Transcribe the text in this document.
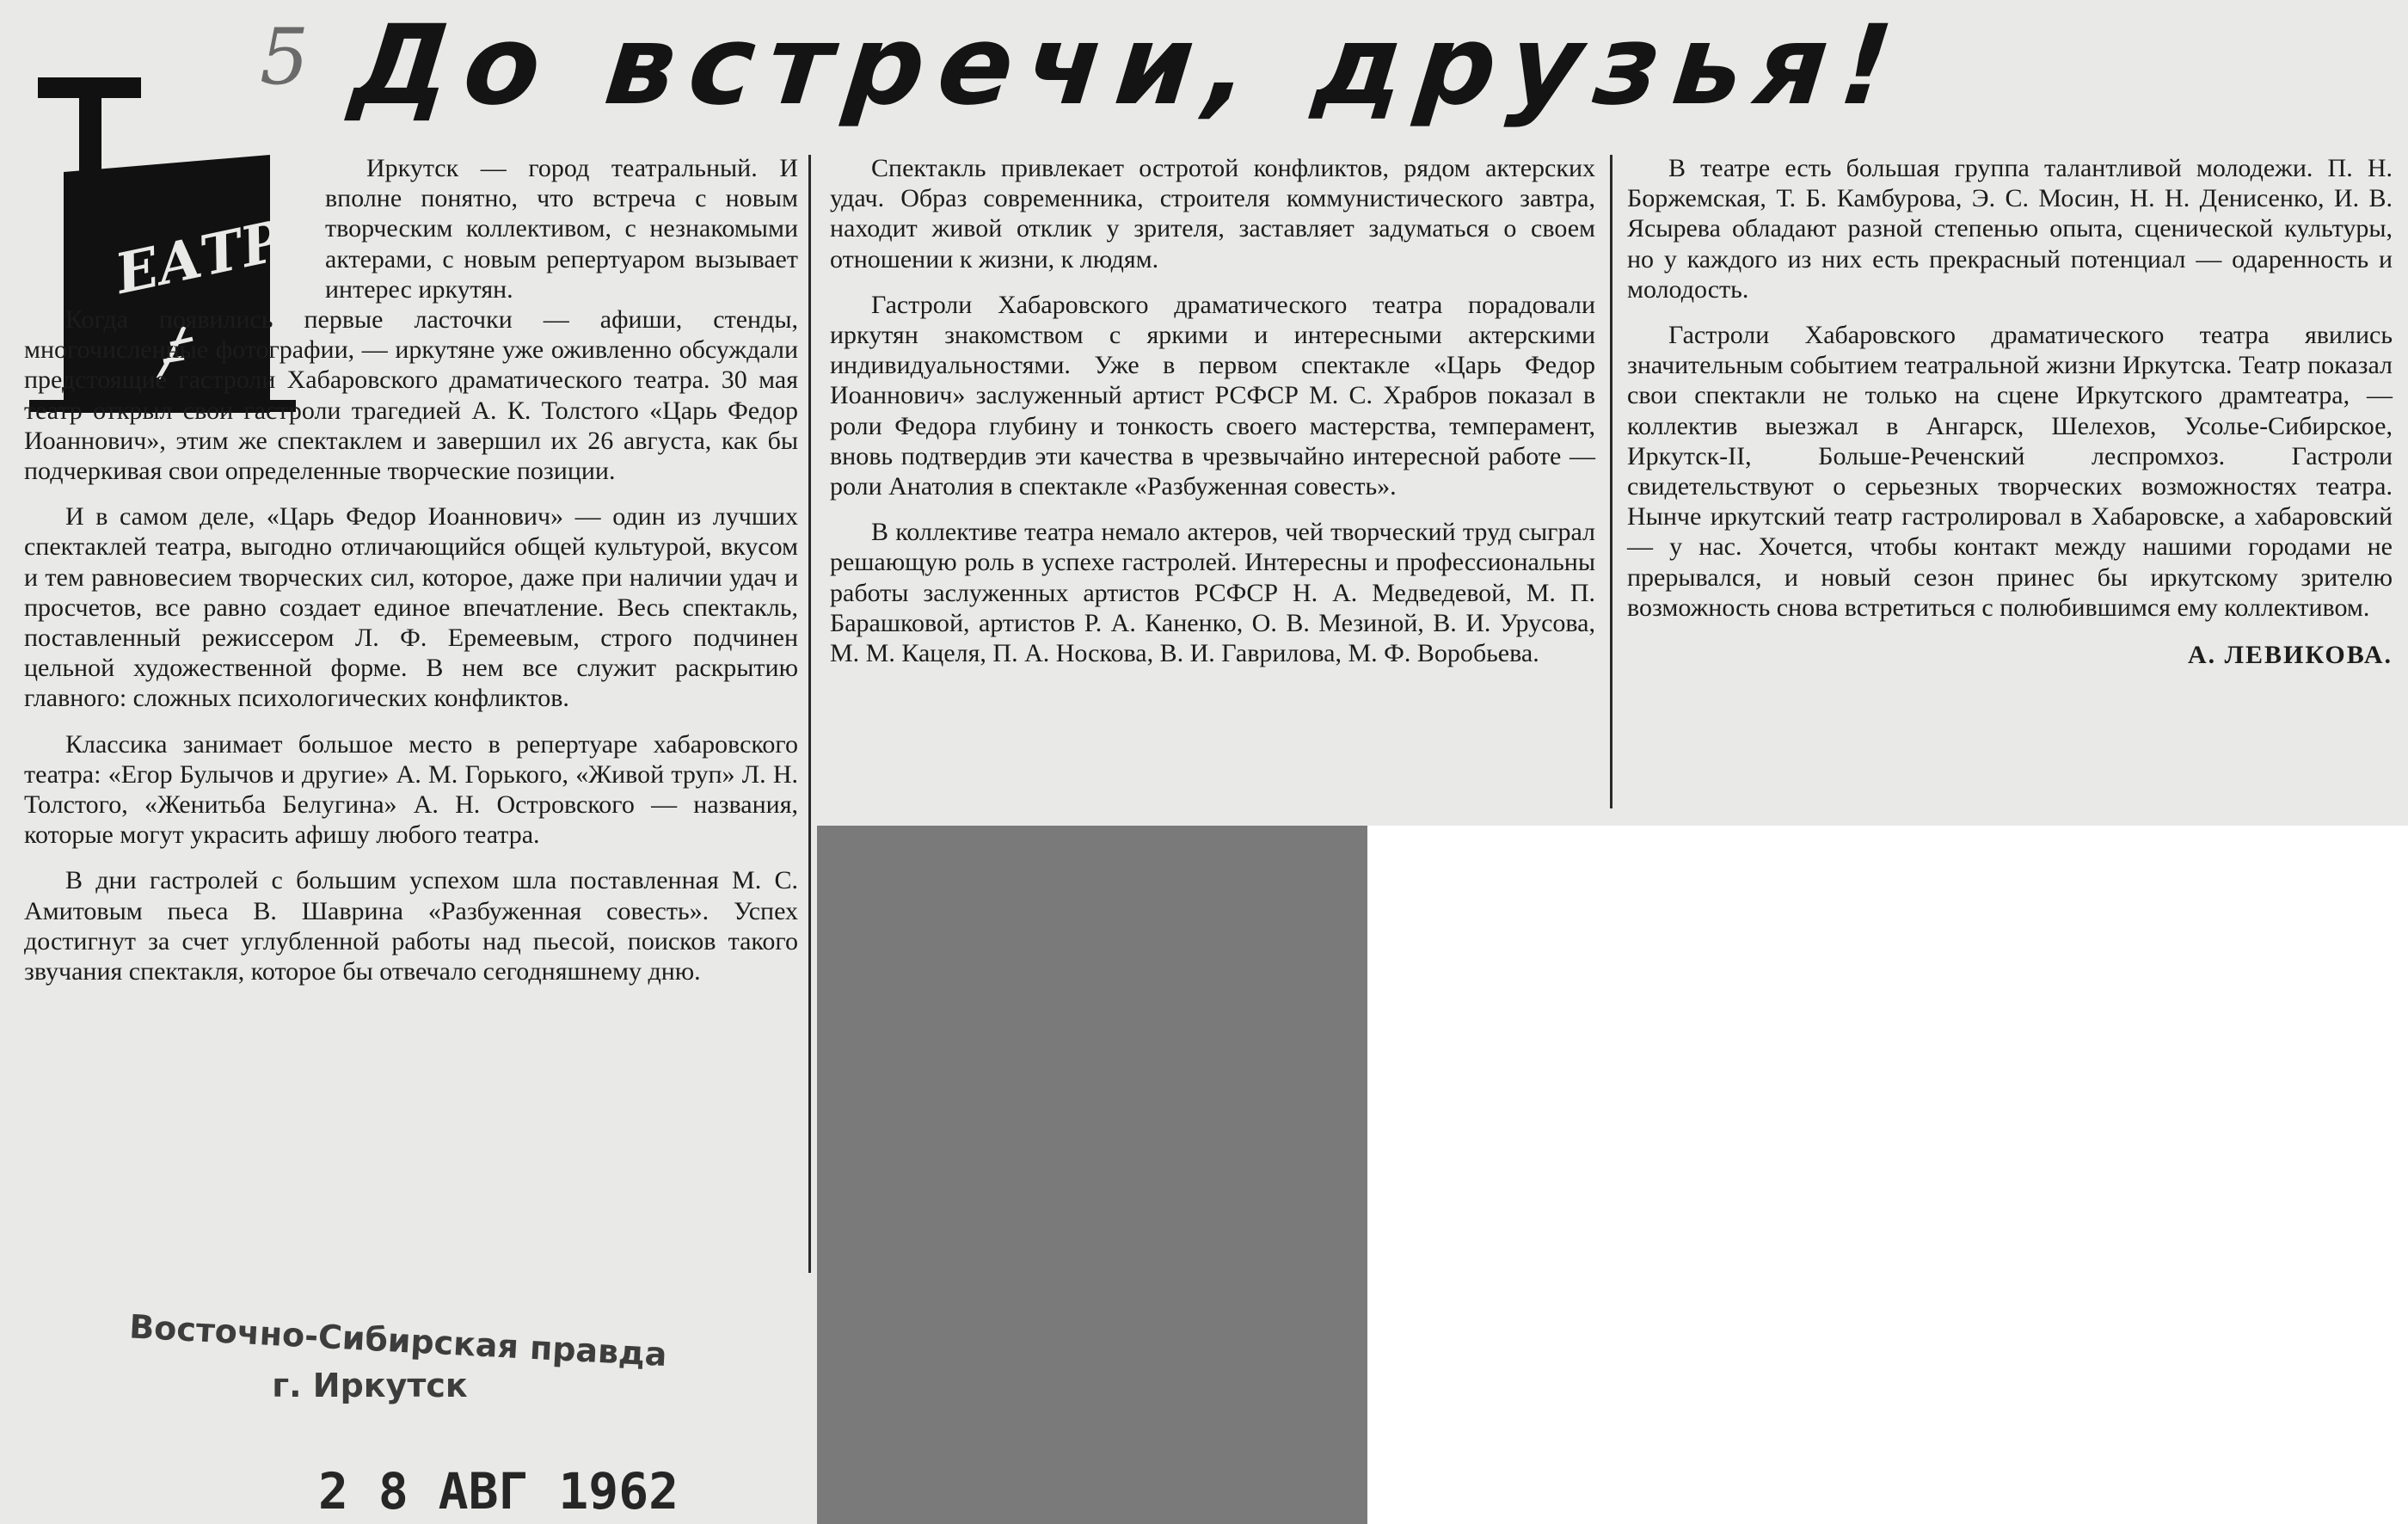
5 До встречи, друзья!
ЕАТР

Иркутск — город театральный. И вполне понятно, что встреча с новым творческим коллективом, с незнакомыми актерами, с новым репертуаром вызывает интерес иркутян.

Когда появились первые ласточки — афиши, стенды, многочисленные фотографии, — иркутяне уже оживленно обсуждали предстоящие гастроли Хабаровского драматического театра. 30 мая театр открыл свои гастроли трагедией А. К. Толстого «Царь Федор Иоаннович», этим же спектаклем и завершил их 26 августа, как бы подчеркивая свои определенные творческие позиции.

И в самом деле, «Царь Федор Иоаннович» — один из лучших спектаклей театра, выгодно отличающийся общей культурой, вкусом и тем равновесием творческих сил, которое, даже при наличии удач и просчетов, все равно создает единое впечатление. Весь спектакль, поставленный режиссером Л. Ф. Еремеевым, строго подчинен цельной художественной форме. В нем все служит раскрытию главного: сложных психологических конфликтов.

Классика занимает большое место в репертуаре хабаровского театра: «Егор Булычов и другие» А. М. Горького, «Живой труп» Л. Н. Толстого, «Женитьба Белугина» А. Н. Островского — названия, которые могут украсить афишу любого театра.

В дни гастролей с большим успехом шла поставленная М. С. Амитовым пьеса В. Шаврина «Разбуженная совесть». Успех достигнут за счет углубленной работы над пьесой, поисков такого звучания спектакля, которое бы отвечало сегодняшнему дню.

Спектакль привлекает остротой конфликтов, рядом актерских удач. Образ современника, строителя коммунистического завтра, находит живой отклик у зрителя, заставляет задуматься о своем отношении к жизни, к людям.

Гастроли Хабаровского драматического театра порадовали иркутян знакомством с яркими и интересными актерскими индивидуальностями. Уже в первом спектакле «Царь Федор Иоаннович» заслуженный артист РСФСР М. С. Храбров показал в роли Федора глубину и тонкость своего мастерства, темперамент, вновь подтвердив эти качества в чрезвычайно интересной работе — роли Анатолия в спектакле «Разбуженная совесть».

В коллективе театра немало актеров, чей творческий труд сыграл решающую роль в успехе гастролей. Интересны и профессиональны работы заслуженных артистов РСФСР Н. А. Медведевой, М. П. Барашковой, артистов Р. А. Каненко, О. В. Мезиной, В. И. Урусова, М. М. Кацеля, П. А. Носкова, В. И. Гаврилова, М. Ф. Воробьева.

В театре есть большая группа талантливой молодежи. П. Н. Боржемская, Т. Б. Камбурова, Э. С. Мосин, Н. Н. Денисенко, И. В. Ясырева обладают разной степенью опыта, сценической культуры, но у каждого из них есть прекрасный потенциал — одаренность и молодость.

Гастроли Хабаровского драматического театра явились значительным событием театральной жизни Иркутска. Театр показал свои спектакли не только на сцене Иркутского драмтеатра, — коллектив выезжал в Ангарск, Шелехов, Усолье-Сибирское, Иркутск-II, Больше-Реченский леспромхоз. Гастроли свидетельствуют о серьезных творческих возможностях театра. Нынче иркутский театр гастролировал в Хабаровске, а хабаровский — у нас. Хочется, чтобы контакт между нашими городами не прерывался, и новый сезон принес бы иркутскому зрителю возможность снова встретиться с полюбившимся ему коллективом.

А. ЛЕВИКОВА.

Восточно-Сибирская правда
г. Иркутск
2 8 АВГ 1962
